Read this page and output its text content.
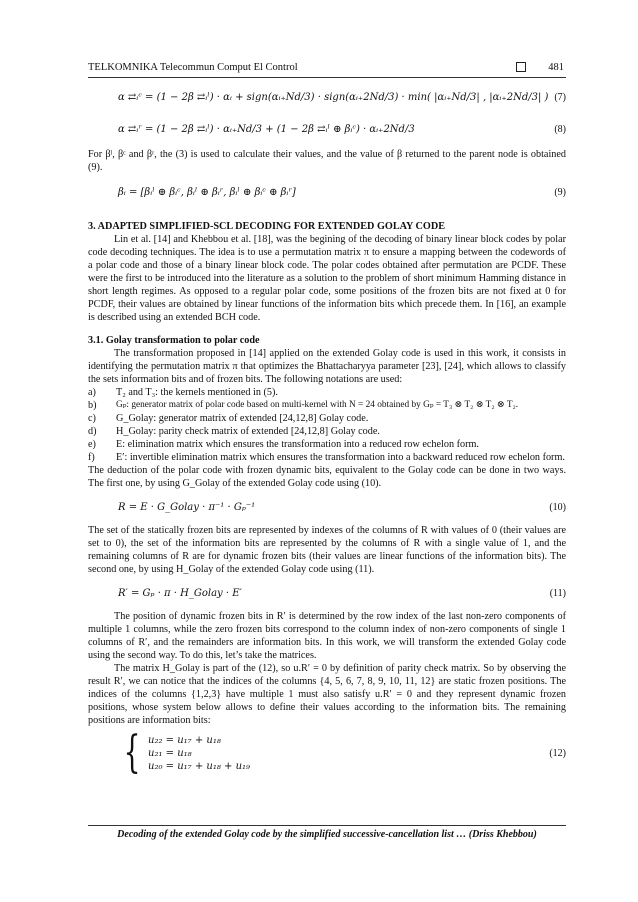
TELKOMNIKA Telecommun Comput El Control	481
α ⇄ᵢᶜ = (1 − 2β ⇄ᵢˡ) · αᵢ + sign(αᵢ₊Nd/3) · sign(αᵢ₊2Nd/3) · min( |αᵢ₊Nd/3| , |αᵢ₊2Nd/3| ) (7)
α ⇄ᵢʳ = (1 − 2β ⇄ᵢˡ) · αᵢ₊Nd/3 + (1 − 2β ⇄ᵢˡ ⊕ βᵢᶜ) · αᵢ₊2Nd/3	(8)

For βˡ, βᶜ and βʳ, the (3) is used to calculate their values, and the value of β returned to the parent node is obtained (9).

βᵢ = [βᵢˡ ⊕ βᵢᶜ, βᵢˡ ⊕ βᵢʳ, βᵢˡ ⊕ βᵢᶜ ⊕ βᵢʳ]	(9)

3. ADAPTED SIMPLIFIED-SCL DECODING FOR EXTENDED GOLAY CODE

Lin et al. [14] and Khebbou et al. [18], was the begining of the decoding of binary linear block codes by polar code decoding techniques. The idea is to use a permutation matrix π to ensure a mapping between the codewords of a polar code and those of a binary linear block code. The polar codes obtained after permutation are PCDF. These were the first to be introduced into the literature as a solution to the problem of short minimum Hamming distance in short length regimes. As opposed to a regular polar code, some positions of the frozen bits are not fixed at 0 for PCDF, their values are obtained by linear functions of the information bits which precede them. In [16], an example is described using an extended BCH code.

3.1. Golay transformation to polar code

The transformation proposed in [14] applied on the extended Golay code is used in this work, it consists in identifying the permutation matrix π that optimizes the Bhattacharyya parameter [23], [24], which allows to classify the sets information bits and of frozen bits. The following notations are used:

a)	T₂ and T₃: the kernels mentioned in (5).
b)	Gₚ: generator matrix of polar code based on multi-kernel with N = 24 obtained by Gₚ = T₃ ⊗ T₂ ⊗ T₂ ⊗ T₂.
c)	G_Golay: generator matrix of extended [24,12,8] Golay code.
d)	H_Golay: parity check matrix of extended [24,12,8] Golay code.
e)	E: elimination matrix which ensures the transformation into a reduced row echelon form.
f)	E′: invertible elimination matrix which ensures the transformation into a backward reduced row echelon form.

The deduction of the polar code with frozen dynamic bits, equivalent to the Golay code can be done in two ways. The first one, by using G_Golay of the extended Golay code using (10).

R = E · G_Golay · π⁻¹ · Gₚ⁻¹	(10)

The set of the statically frozen bits are represented by indexes of the columns of R with values of 0 (their values are set to 0), the set of the information bits are represented by the columns of R with a single value of 1, and the remaining columns of R are for dynamic frozen bits (their values are linear functions of the information bits). The second one, by using H_Golay of the extended Golay code using (11).

R′ = Gₚ · π · H_Golay · E′	(11)

The position of dynamic frozen bits in R′ is determined by the row index of the last non-zero components of multiple 1 columns, while the zero frozen bits correspond to the column index of non-zero components of single 1 columns of R′, and the remainders are information bits. In this work, we will transform the extended Golay code using the second way. To do this, let’s take the matrices.

The matrix H_Golay is part of the (12), so u.R′ = 0 by definition of parity check matrix. So by observing the result R′, we can notice that the indices of the columns {4, 5, 6, 7, 8, 9, 10, 11, 12} are static frozen positions. The indices of the columns {1,2,3} have multiple 1 must also satisfy u.R′ = 0 and they represent dynamic frozen positions, whose system below allows to define their values according to the information bits. The remaining positions are information bits:

{ u₂₂ = u₁₇ + u₁₈
u₂₁ = u₁₈
u₂₀ = u₁₇ + u₁₈ + u₁₉
(12)
Decoding of the extended Golay code by the simplified successive-cancellation list … (Driss Khebbou)
